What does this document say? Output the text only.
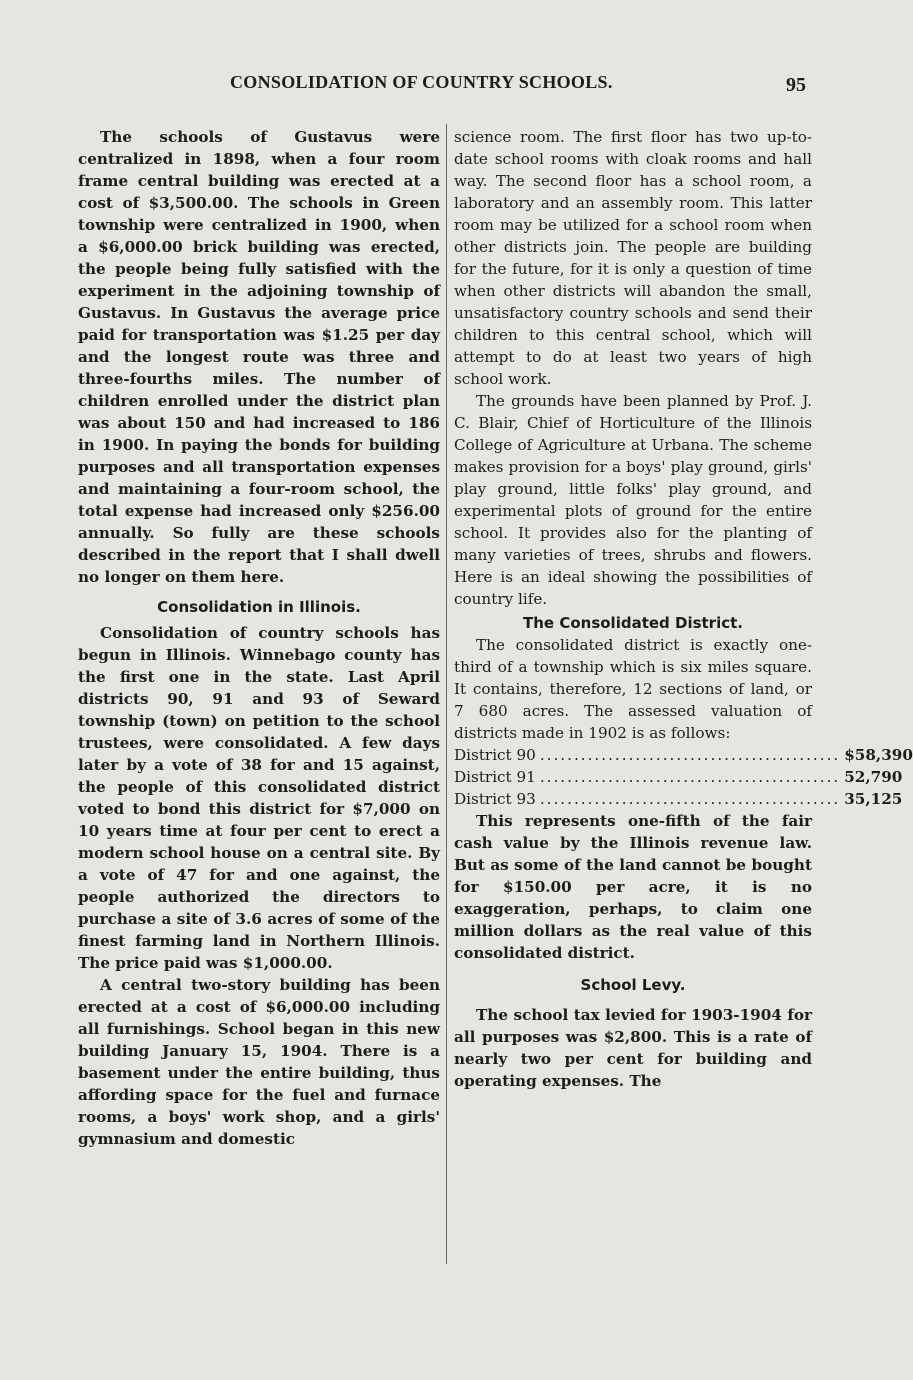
CONSOLIDATION OF COUNTRY SCHOOLS.	95

The schools of Gustavus were centralized in 1898, when a four room frame central building was erected at a cost of $3,500.00. The schools in Green township were centralized in 1900, when a $6,000.00 brick building was erected, the people being fully satisfied with the experiment in the adjoining township of Gustavus. In Gustavus the average price paid for transportation was $1.25 per day and the longest route was three and three-fourths miles. The number of children enrolled under the district plan was about 150 and had increased to 186 in 1900. In paying the bonds for building purposes and all transportation expenses and maintaining a four-room school, the total expense had increased only $256.00 annually. So fully are these schools described in the report that I shall dwell no longer on them here.

Consolidation in Illinois.

Consolidation of country schools has begun in Illinois. Winnebago county has the first one in the state. Last April districts 90, 91 and 93 of Seward township (town) on petition to the school trustees, were consolidated. A few days later by a vote of 38 for and 15 against, the people of this consolidated district voted to bond this district for $7,000 on 10 years time at four per cent to erect a modern school house on a central site. By a vote of 47 for and one against, the people authorized the directors to purchase a site of 3.6 acres of some of the finest farming land in Northern Illinois. The price paid was $1,000.00.

A central two-story building has been erected at a cost of $6,000.00 including all furnishings. School began in this new building January 15, 1904. There is a basement under the entire building, thus affording space for the fuel and furnace rooms, a boys' work shop, and a girls' gymnasium and domestic

science room. The first floor has two up-to-date school rooms with cloak rooms and hall way. The second floor has a school room, a laboratory and an assembly room. This latter room may be utilized for a school room when other districts join. The people are building for the future, for it is only a question of time when other districts will abandon the small, unsatisfactory country schools and send their children to this central school, which will attempt to do at least two years of high school work.

The grounds have been planned by Prof. J. C. Blair, Chief of Horticulture of the Illinois College of Agriculture at Urbana. The scheme makes provision for a boys' play ground, girls' play ground, little folks' play ground, and experimental plots of ground for the entire school. It provides also for the planting of many varieties of trees, shrubs and flowers. Here is an ideal showing the possibilities of country life.

The Consolidated District.

The consolidated district is exactly one-third of a township which is six miles square. It contains, therefore, 12 sections of land, or 7 680 acres. The assessed valuation of districts made in 1902 is as follows:

District 90 ............................................ $58,390
District 91 ............................................ 52,790
District 93 ............................................ 35,125

This represents one-fifth of the fair cash value by the Illinois revenue law. But as some of the land cannot be bought for $150.00 per acre, it is no exaggeration, perhaps, to claim one million dollars as the real value of this consolidated district.

School Levy.

The school tax levied for 1903-1904 for all purposes was $2,800. This is a rate of nearly two per cent for building and operating expenses. The
